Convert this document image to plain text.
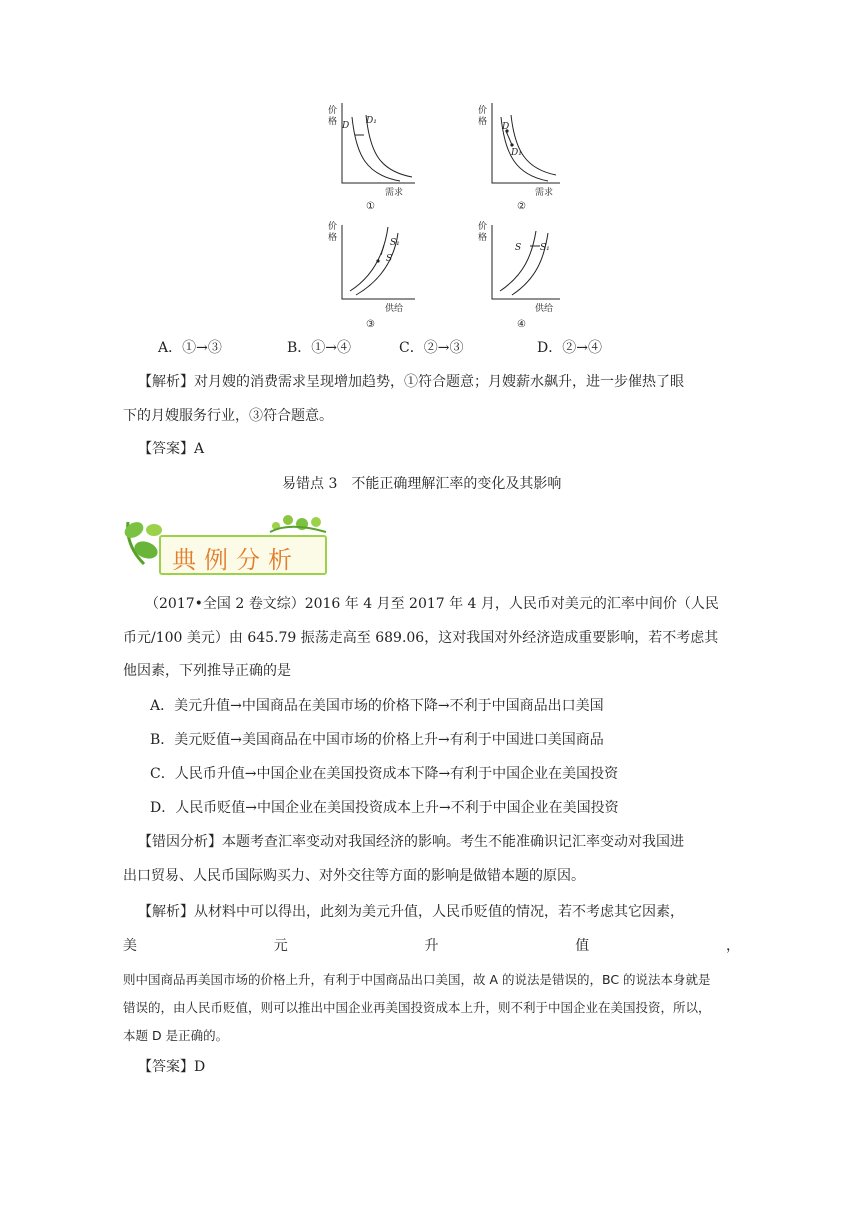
价
格 D D₁
需求
①
价
格 D
D₁
需求
②
价
格	S₁
S
供给
③
价
格
S S₁
供给
④
A．①→③	B．①→④	C．②→③	D．②→④
【解析】对月嫂的消费需求呈现增加趋势，①符合题意；月嫂薪水飙升，进一步催热了眼
下的月嫂服务行业，③符合题意。
【答案】A
易错点 3　不能正确理解汇率的变化及其影响
典例分析
（2017•全国 2 卷文综）2016 年 4 月至 2017 年 4 月，人民币对美元的汇率中间价（人民
币元/100 美元）由 645.79 振荡走高至 689.06，这对我国对外经济造成重要影响，若不考虑其
他因素，下列推导正确的是
A．美元升值→中国商品在美国市场的价格下降→不利于中国商品出口美国
B．美元贬值→美国商品在中国市场的价格上升→有利于中国进口美国商品
C．人民币升值→中国企业在美国投资成本下降→有利于中国企业在美国投资
D．人民币贬值→中国企业在美国投资成本上升→不利于中国企业在美国投资
【错因分析】本题考查汇率变动对我国经济的影响。考生不能准确识记汇率变动对我国进
出口贸易、人民币国际购买力、对外交往等方面的影响是做错本题的原因。
【解析】从材料中可以得出，此刻为美元升值，人民币贬值的情况，若不考虑其它因素，
美	元	升	值	，
则中国商品再美国市场的价格上升，有利于中国商品出口美国，故 A 的说法是错误的，BC 的说法本身就是
错误的，由人民币贬值，则可以推出中国企业再美国投资成本上升，则不利于中国企业在美国投资，所以，
本题 D 是正确的。
【答案】D
